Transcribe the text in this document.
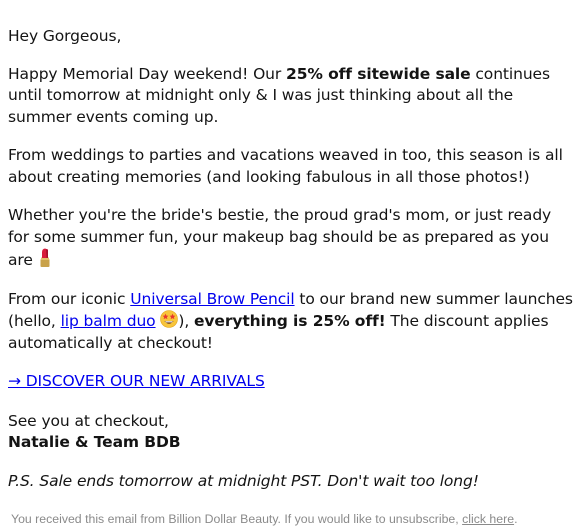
Hey Gorgeous,

Happy Memorial Day weekend! Our 25% off sitewide sale continues until tomorrow at midnight only & I was just thinking about all the summer events coming up.

From weddings to parties and vacations weaved in too, this season is all about creating memories (and looking fabulous in all those photos!)

Whether you're the bride's bestie, the proud grad's mom, or just ready for some summer fun, your makeup bag should be as prepared as you are

From our iconic Universal Brow Pencil to our brand new summer launches (hello, lip balm duo ), everything is 25% off! The discount applies automatically at checkout!

→ DISCOVER OUR NEW ARRIVALS

See you at checkout,
Natalie & Team BDB

P.S. Sale ends tomorrow at midnight PST. Don't wait too long!

You received this email from Billion Dollar Beauty. If you would like to unsubscribe, click here.
